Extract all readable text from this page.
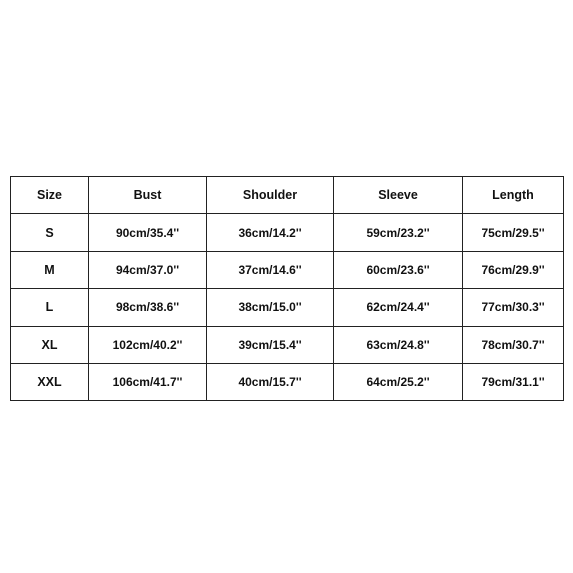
Size	Bust	Shoulder	Sleeve	Length
S	90cm/35.4''	36cm/14.2''	59cm/23.2''	75cm/29.5''
M	94cm/37.0''	37cm/14.6''	60cm/23.6''	76cm/29.9''
L	98cm/38.6''	38cm/15.0''	62cm/24.4''	77cm/30.3''
XL	102cm/40.2''	39cm/15.4''	63cm/24.8''	78cm/30.7''
XXL	106cm/41.7''	40cm/15.7''	64cm/25.2''	79cm/31.1''
